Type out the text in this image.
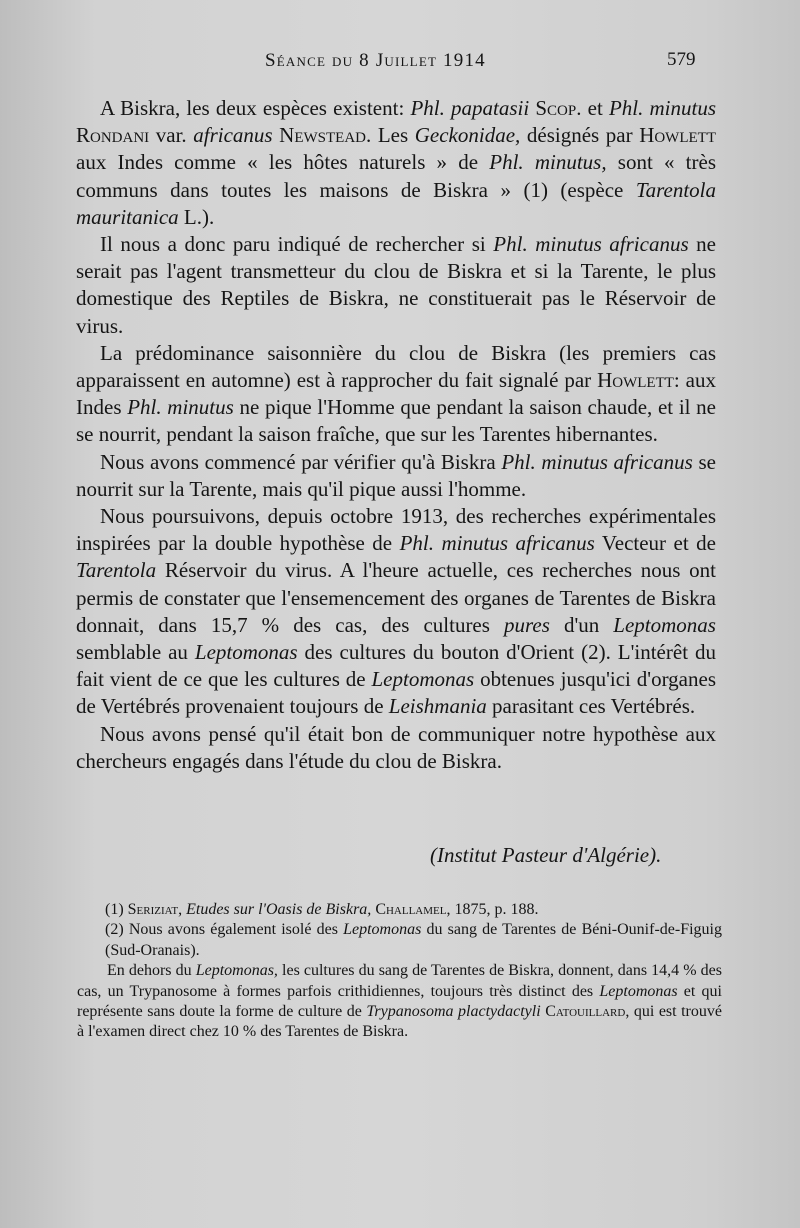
Séance du 8 Juillet 1914	579

A Biskra, les deux espèces existent: Phl. papatasii Scop. et Phl. minutus Rondani var. africanus Newstead. Les Geckonidae, désignés par Howlett aux Indes comme « les hôtes naturels » de Phl. minutus, sont « très communs dans toutes les maisons de Biskra » (1) (espèce Tarentola mauritanica L.).

Il nous a donc paru indiqué de rechercher si Phl. minutus africanus ne serait pas l'agent transmetteur du clou de Biskra et si la Tarente, le plus domestique des Reptiles de Biskra, ne constituerait pas le Réservoir de virus.

La prédominance saisonnière du clou de Biskra (les premiers cas apparaissent en automne) est à rapprocher du fait signalé par Howlett: aux Indes Phl. minutus ne pique l'Homme que pendant la saison chaude, et il ne se nourrit, pendant la saison fraîche, que sur les Tarentes hibernantes.

Nous avons commencé par vérifier qu'à Biskra Phl. minutus africanus se nourrit sur la Tarente, mais qu'il pique aussi l'homme.

Nous poursuivons, depuis octobre 1913, des recherches expérimentales inspirées par la double hypothèse de Phl. minutus africanus Vecteur et de Tarentola Réservoir du virus. A l'heure actuelle, ces recherches nous ont permis de constater que l'ensemencement des organes de Tarentes de Biskra donnait, dans 15,7 % des cas, des cultures pures d'un Leptomonas semblable au Leptomonas des cultures du bouton d'Orient (2). L'intérêt du fait vient de ce que les cultures de Leptomonas obtenues jusqu'ici d'organes de Vertébrés provenaient toujours de Leishmania parasitant ces Vertébrés.

Nous avons pensé qu'il était bon de communiquer notre hypothèse aux chercheurs engagés dans l'étude du clou de Biskra.

(Institut Pasteur d'Algérie).

(1) Seriziat, Etudes sur l'Oasis de Biskra, Challamel, 1875, p. 188.

(2) Nous avons également isolé des Leptomonas du sang de Tarentes de Béni-Ounif-de-Figuig (Sud-Oranais).

En dehors du Leptomonas, les cultures du sang de Tarentes de Biskra, donnent, dans 14,4 % des cas, un Trypanosome à formes parfois crithidiennes, toujours très distinct des Leptomonas et qui représente sans doute la forme de culture de Trypanosoma plactydactyli Catouillard, qui est trouvé à l'examen direct chez 10 % des Tarentes de Biskra.
